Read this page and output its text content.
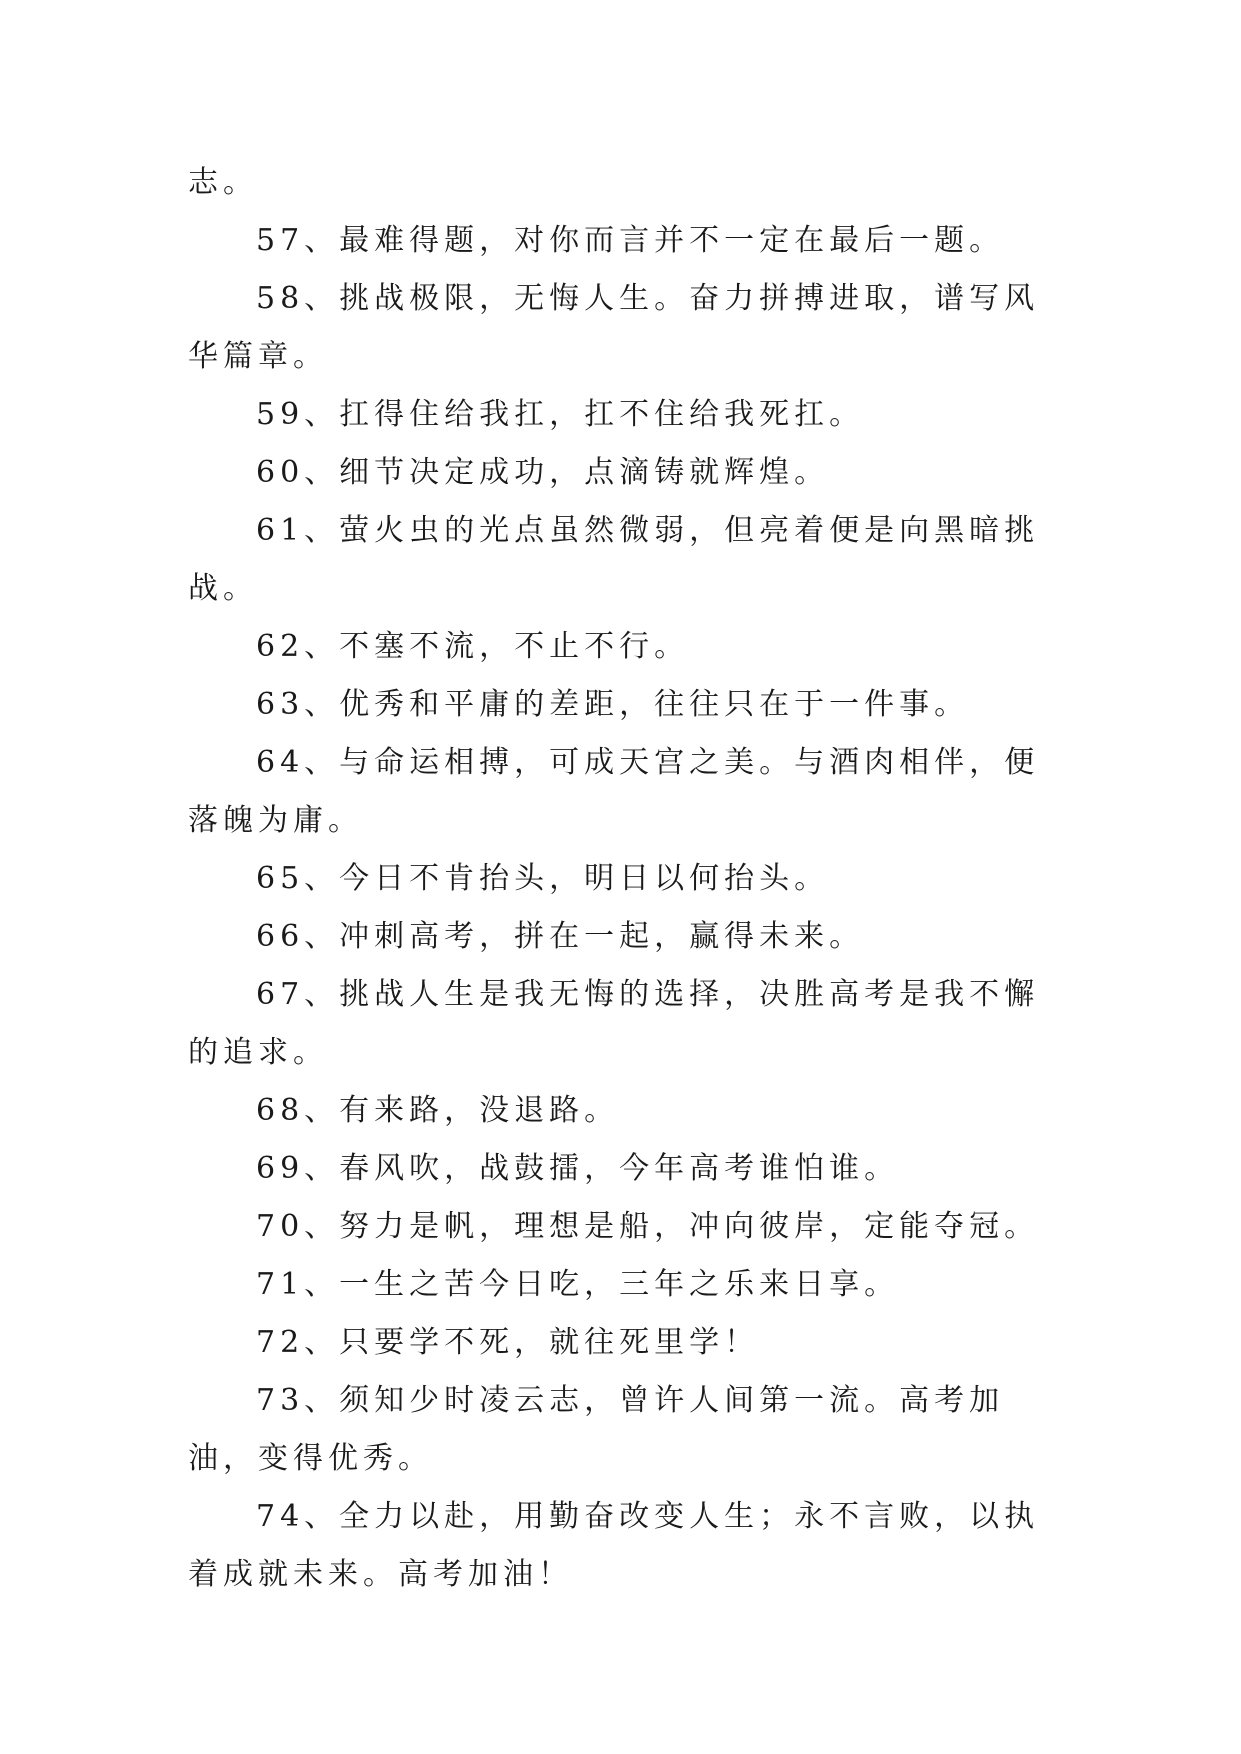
志。

57、最难得题，对你而言并不一定在最后一题。

58、挑战极限，无悔人生。奋力拼搏进取，谱写风华篇章。

59、扛得住给我扛，扛不住给我死扛。

60、细节决定成功，点滴铸就辉煌。

61、萤火虫的光点虽然微弱，但亮着便是向黑暗挑战。

62、不塞不流，不止不行。

63、优秀和平庸的差距，往往只在于一件事。

64、与命运相搏，可成天宫之美。与酒肉相伴，便落魄为庸。

65、今日不肯抬头，明日以何抬头。

66、冲刺高考，拼在一起，赢得未来。

67、挑战人生是我无悔的选择，决胜高考是我不懈的追求。

68、有来路，没退路。

69、春风吹，战鼓擂，今年高考谁怕谁。

70、努力是帆，理想是船，冲向彼岸，定能夺冠。

71、一生之苦今日吃，三年之乐来日享。

72、只要学不死，就往死里学！

73、须知少时凌云志，曾许人间第一流。高考加油，变得优秀。

74、全力以赴，用勤奋改变人生；永不言败，以执着成就未来。高考加油！
